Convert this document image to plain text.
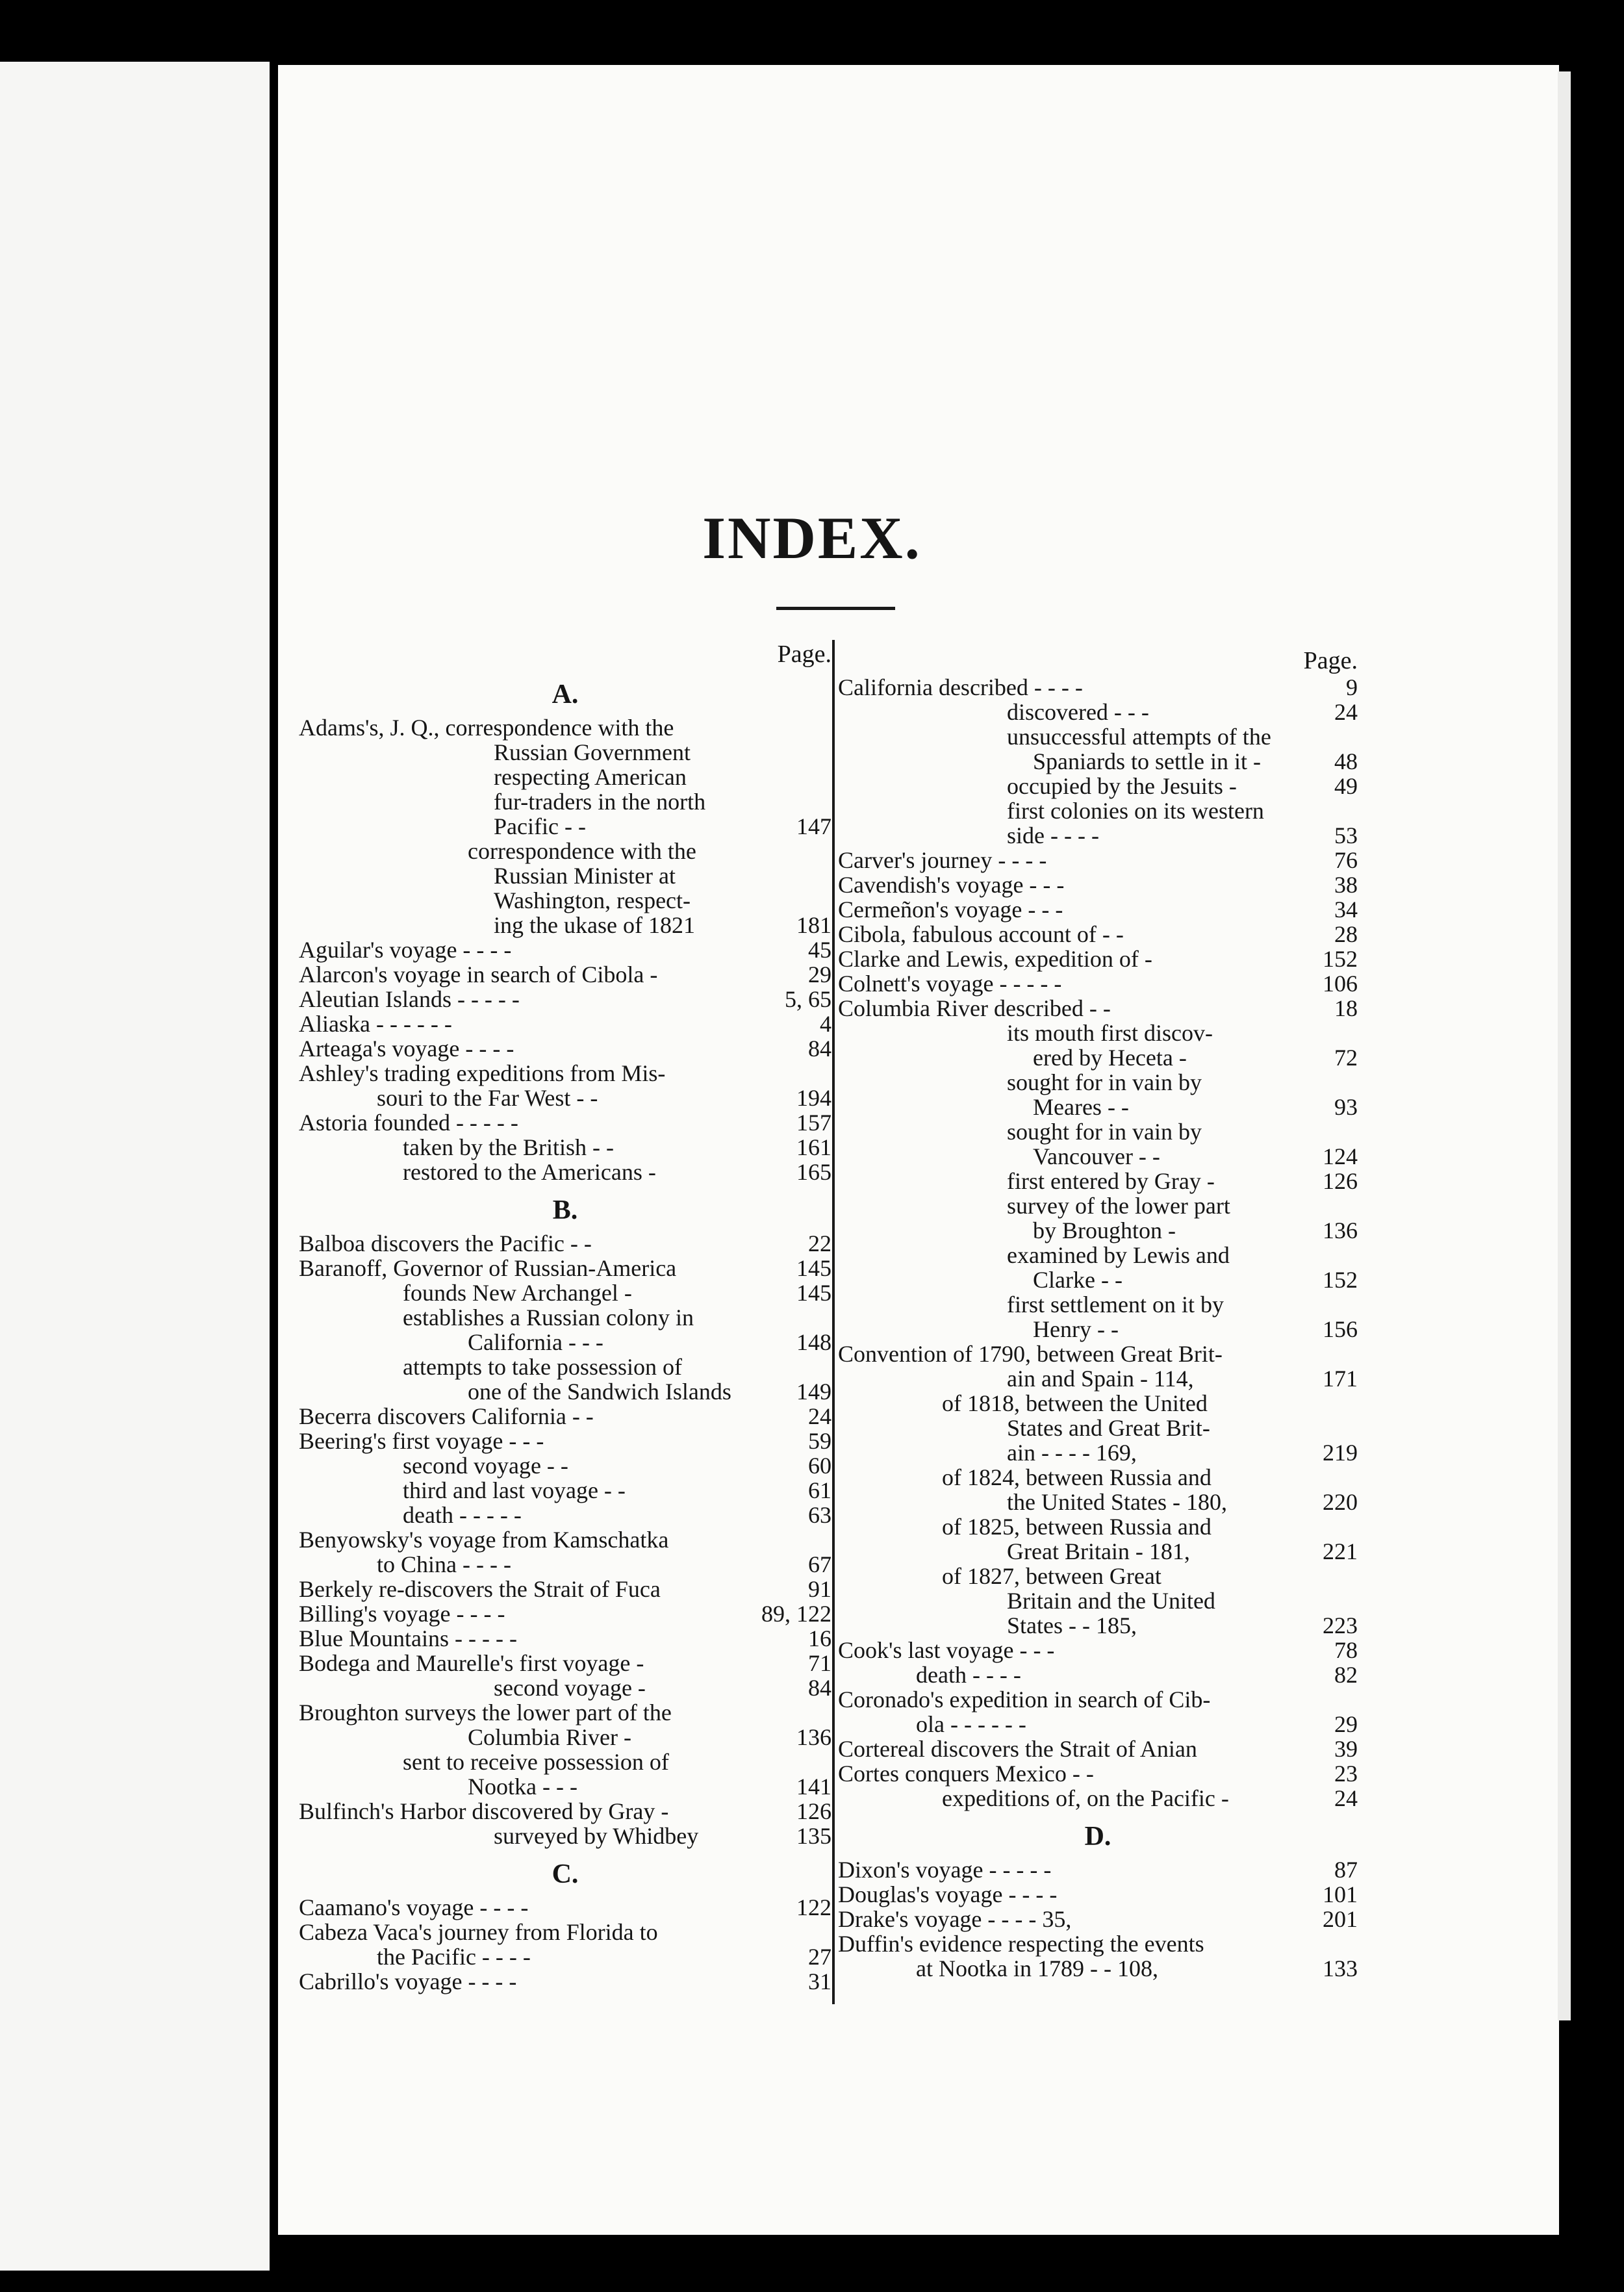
INDEX.
Page.
A.
Adams's, J. Q., correspondence with the
Russian Government
respecting American
fur-traders in the north
Pacific - -	147
correspondence with the
Russian Minister at
Washington, respect-
ing the ukase of 1821	181
Aguilar's voyage - - - -	45
Alarcon's voyage in search of Cibola -	29
Aleutian Islands - - - - -	5, 65
Aliaska - - - - - -	4
Arteaga's voyage - - - -	84
Ashley's trading expeditions from Mis-
souri to the Far West - -	194
Astoria founded - - - - -	157
taken by the British - -	161
restored to the Americans -	165
B.
Balboa discovers the Pacific - -	22
Baranoff, Governor of Russian-America	145
founds New Archangel -	145
establishes a Russian colony in
California - - -	148
attempts to take possession of
one of the Sandwich Islands	149
Becerra discovers California - -	24
Beering's first voyage - - -	59
second voyage - -	60
third and last voyage - -	61
death - - - - -	63
Benyowsky's voyage from Kamschatka
to China - - - -	67
Berkely re-discovers the Strait of Fuca	91
Billing's voyage - - - -	89, 122
Blue Mountains - - - - -	16
Bodega and Maurelle's first voyage -	71
second voyage -	84
Broughton surveys the lower part of the
Columbia River -	136
sent to receive possession of
Nootka - - -	141
Bulfinch's Harbor discovered by Gray -	126
surveyed by Whidbey	135
C.
Caamano's voyage - - - -	122
Cabeza Vaca's journey from Florida to
the Pacific - - - -	27
Cabrillo's voyage - - - -	31
Page.
California described - - - -	9
discovered - - -	24
unsuccessful attempts of the
Spaniards to settle in it -	48
occupied by the Jesuits -	49
first colonies on its western
side - - - -	53
Carver's journey - - - -	76
Cavendish's voyage - - -	38
Cermeñon's voyage - - -	34
Cibola, fabulous account of - -	28
Clarke and Lewis, expedition of -	152
Colnett's voyage - - - - -	106
Columbia River described - -	18
its mouth first discov-
ered by Heceta -	72
sought for in vain by
Meares - -	93
sought for in vain by
Vancouver - -	124
first entered by Gray -	126
survey of the lower part
by Broughton -	136
examined by Lewis and
Clarke - -	152
first settlement on it by
Henry - -	156
Convention of 1790, between Great Brit-
ain and Spain - 114,	171
of 1818, between the United
States and Great Brit-
ain - - - - 169,	219
of 1824, between Russia and
the United States - 180,	220
of 1825, between Russia and
Great Britain - 181,	221
of 1827, between Great
Britain and the United
States - - 185,	223
Cook's last voyage - - -	78
death - - - -	82
Coronado's expedition in search of Cib-
ola - - - - - -	29
Cortereal discovers the Strait of Anian	39
Cortes conquers Mexico - -	23
expeditions of, on the Pacific -	24
D.
Dixon's voyage - - - - -	87
Douglas's voyage - - - -	101
Drake's voyage - - - - 35,	201
Duffin's evidence respecting the events
at Nootka in 1789 - - 108,	133
